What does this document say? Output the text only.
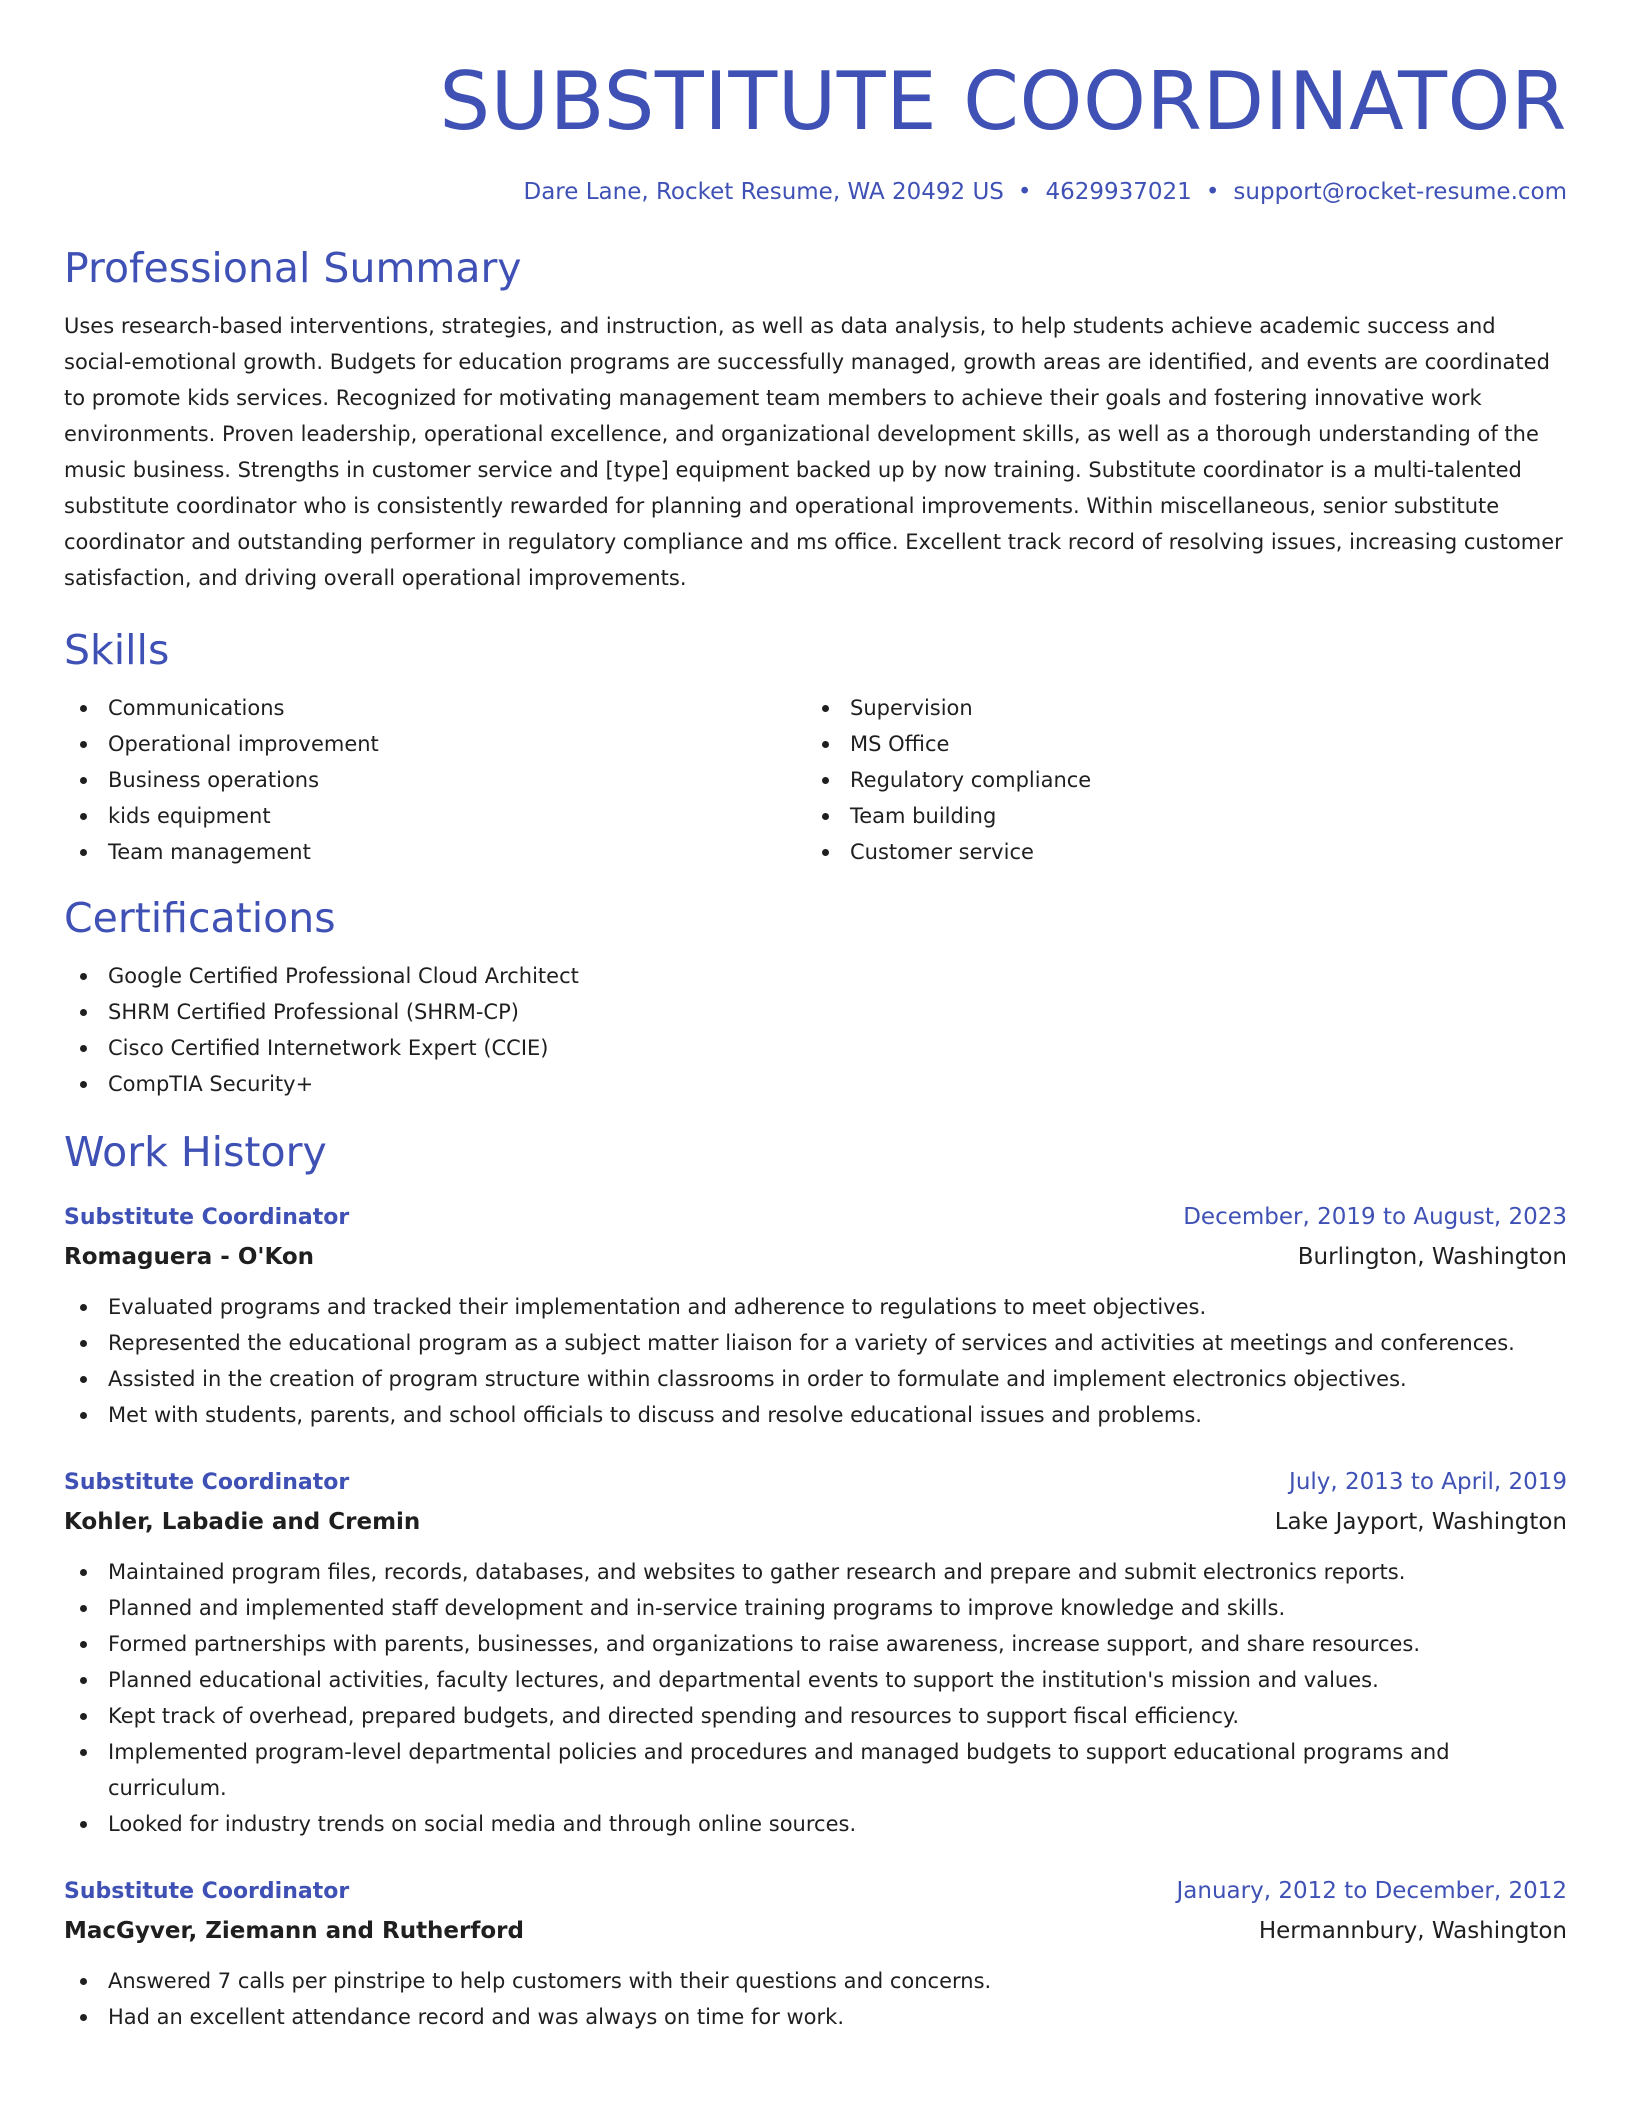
SUBSTITUTE COORDINATOR
Dare Lane, Rocket Resume, WA 20492 US • 4629937021 • support@rocket-resume.com
Professional Summary
Uses research-based interventions, strategies, and instruction, as well as data analysis, to help students achieve academic success and social-emotional growth. Budgets for education programs are successfully managed, growth areas are identified, and events are coordinated to promote kids services. Recognized for motivating management team members to achieve their goals and fostering innovative work environments. Proven leadership, operational excellence, and organizational development skills, as well as a thorough understanding of the music business. Strengths in customer service and [type] equipment backed up by now training. Substitute coordinator is a multi-talented substitute coordinator who is consistently rewarded for planning and operational improvements. Within miscellaneous, senior substitute coordinator and outstanding performer in regulatory compliance and ms office. Excellent track record of resolving issues, increasing customer satisfaction, and driving overall operational improvements.
Skills
Communications
Operational improvement
Business operations
kids equipment
Team management
Supervision
MS Office
Regulatory compliance
Team building
Customer service
Certifications
Google Certified Professional Cloud Architect
SHRM Certified Professional (SHRM-CP)
Cisco Certified Internetwork Expert (CCIE)
CompTIA Security+
Work History
Substitute Coordinator	December, 2019 to August, 2023
Romaguera - O'Kon	Burlington, Washington
Evaluated programs and tracked their implementation and adherence to regulations to meet objectives.
Represented the educational program as a subject matter liaison for a variety of services and activities at meetings and conferences.
Assisted in the creation of program structure within classrooms in order to formulate and implement electronics objectives.
Met with students, parents, and school officials to discuss and resolve educational issues and problems.
Substitute Coordinator	July, 2013 to April, 2019
Kohler, Labadie and Cremin	Lake Jayport, Washington
Maintained program files, records, databases, and websites to gather research and prepare and submit electronics reports.
Planned and implemented staff development and in-service training programs to improve knowledge and skills.
Formed partnerships with parents, businesses, and organizations to raise awareness, increase support, and share resources.
Planned educational activities, faculty lectures, and departmental events to support the institution's mission and values.
Kept track of overhead, prepared budgets, and directed spending and resources to support fiscal efficiency.
Implemented program-level departmental policies and procedures and managed budgets to support educational programs and curriculum.
Looked for industry trends on social media and through online sources.
Substitute Coordinator	January, 2012 to December, 2012
MacGyver, Ziemann and Rutherford	Hermannbury, Washington
Answered 7 calls per pinstripe to help customers with their questions and concerns.
Had an excellent attendance record and was always on time for work.
